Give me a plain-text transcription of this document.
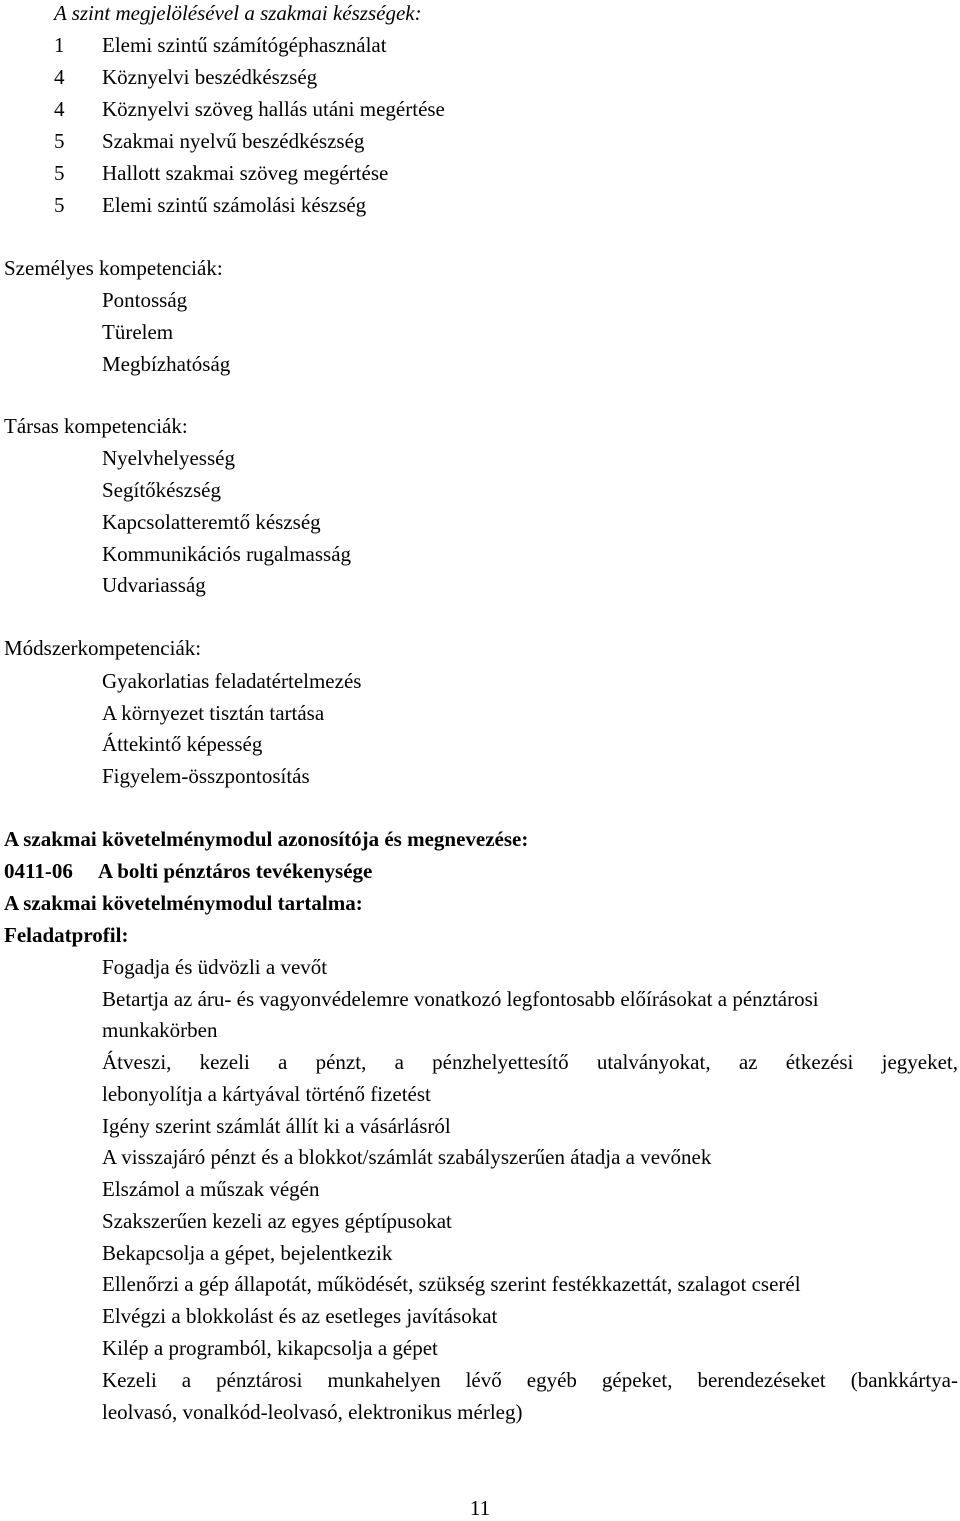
A szint megjelölésével a szakmai készségek:
1 Elemi szintű számítógéphasználat
4 Köznyelvi beszédkészség
4 Köznyelvi szöveg hallás utáni megértése
5 Szakmai nyelvű beszédkészség
5 Hallott szakmai szöveg megértése
5 Elemi szintű számolási készség
Személyes kompetenciák:
Pontosság
Türelem
Megbízhatóság
Társas kompetenciák:
Nyelvhelyesség
Segítőkészség
Kapcsolatteremtő készség
Kommunikációs rugalmasság
Udvariasság
Módszerkompetenciák:
Gyakorlatias feladatértelmezés
A környezet tisztán tartása
Áttekintő képesség
Figyelem-összpontosítás
A szakmai követelménymodul azonosítója és megnevezése:
0411-06 A bolti pénztáros tevékenysége
A szakmai követelménymodul tartalma:
Feladatprofil:
Fogadja és üdvözli a vevőt
Betartja az áru- és vagyonvédelemre vonatkozó legfontosabb előírásokat a pénztárosi
munkakörben
Átveszi, kezeli a pénzt, a pénzhelyettesítő utalványokat, az étkezési jegyeket,
lebonyolítja a kártyával történő fizetést
Igény szerint számlát állít ki a vásárlásról
A visszajáró pénzt és a blokkot/számlát szabályszerűen átadja a vevőnek
Elszámol a műszak végén
Szakszerűen kezeli az egyes géptípusokat
Bekapcsolja a gépet, bejelentkezik
Ellenőrzi a gép állapotát, működését, szükség szerint festékkazettát, szalagot cserél
Elvégzi a blokkolást és az esetleges javításokat
Kilép a programból, kikapcsolja a gépet
Kezeli a pénztárosi munkahelyen lévő egyéb gépeket, berendezéseket (bankkártya-
leolvasó, vonalkód-leolvasó, elektronikus mérleg)
11
